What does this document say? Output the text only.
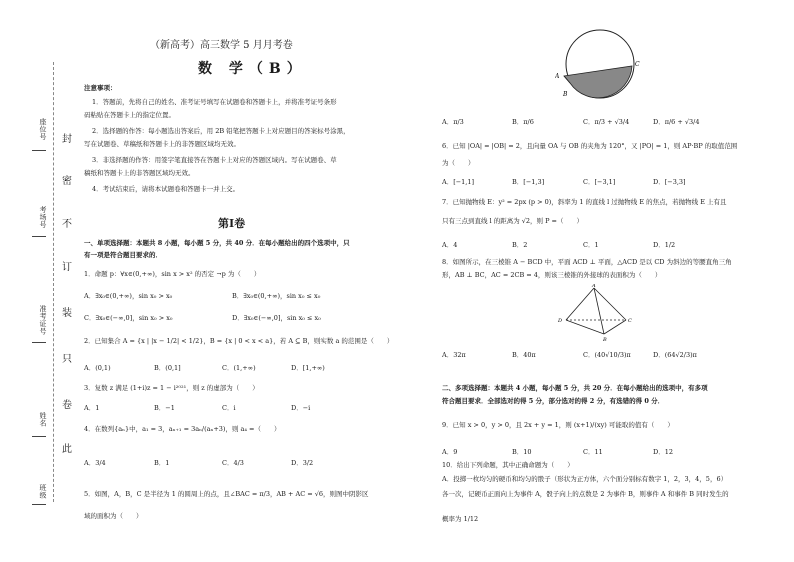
封
密
不
订
装
只
卷
此
座位号
考场号
准考证号
姓名
班级
（新高考）高三数学 5 月月考卷
数 学（B）
注意事项：
1．答题前，先将自己的姓名、准考证号填写在试题卷和答题卡上，并将准考证号条形
码粘贴在答题卡上的指定位置。
2．选择题的作答：每小题选出答案后，用 2B 铅笔把答题卡上对应题目的答案标号涂黑，
写在试题卷、草稿纸和答题卡上的非答题区域均无效。
3．非选择题的作答：用签字笔直接答在答题卡上对应的答题区域内。写在试题卷、草
稿纸和答题卡上的非答题区域均无效。
4．考试结束后，请将本试题卷和答题卡一并上交。
第Ⅰ卷
一、单项选择题：本题共 8 小题，每小题 5 分，共 40 分．在每小题给出的四个选项中，只
有一项是符合题目要求的．
1．命题 p：∀x∈(0,+∞)，sin x > x² 的否定 ¬p 为（　　）
A．∃x₀∈(0,+∞)，sin x₀ > x₀	B．∃x₀∈(0,+∞)，sin x₀ ≤ x₀
C．∃x₀∈(−∞,0]，sin x₀ > x₀	D．∃x₀∈(−∞,0]，sin x₀ ≤ x₀
2．已知集合 A = {x | |x − 1/2| < 1/2}，B = {x | 0 < x < a}，若 A ⊆ B，则实数 a 的范围是（　　）
A．(0,1)	B．(0,1]	C．(1,+∞)	D．[1,+∞)
3．复数 z 满足 (1+i)z = 1 − i²⁰²¹，则 z 的虚部为（　　）
A．1	B．−1	C．i	D．−i
4．在数列{aₙ}中，a₁ = 3，aₙ₊₁ = 3aₙ/(aₙ+3)，则 a₄ =（　　）
A．3/4	B．1	C．4/3	D．3/2
5．如图，A，B，C 是半径为 1 的圆周上的点，且∠BAC = π/3，AB + AC = √6，则图中阴影区
域的面积为（　　）
A
B
C
A．π/3	B．π/6	C．π/3 + √3/4	D．π/6 + √3/4
6．已知 |OA| = |OB| = 2，且向量 OA 与 OB 的夹角为 120°，又 |PO| = 1，则 AP·BP 的取值范围
为（　　）
A．[−1,1]	B．[−1,3]	C．[−3,1]	D．[−3,3]
7．已知抛物线 E：y² = 2px (p > 0)，斜率为 1 的直线 l 过抛物线 E 的焦点，若抛物线 E 上有且
只有三点到直线 l 的距离为 √2，则 P =（　　）
A．4	B．2	C．1	D．1/2
8．如图所示，在三棱锥 A − BCD 中，平面 ACD ⊥ 平面，△ACD 是以 CD 为斜边的等腰直角三角
形，AB ⊥ BC，AC = 2CB = 4，则该三棱锥的外接球的表面积为（　　）
A
B
C
D
A．32π	B．40π	C．(40√10/3)π	D．(64√2/3)π
二、多项选择题：本题共 4 小题，每小题 5 分，共 20 分．在每小题给出的选项中，有多项
符合题目要求．全部选对的得 5 分，部分选对的得 2 分，有选错的得 0 分．
9．已知 x > 0，y > 0，且 2x + y = 1，则 (x+1)/(xy) 可能取的值有（　　）
A．9	B．10	C．11	D．12
10．给出下列命题，其中正确命题为（　　）
A．投掷一枚均匀的硬币和均匀的骰子（形状为正方体，六个面分别标有数字 1，2，3，4，5，6）
各一次，记硬币正面向上为事件 A，骰子向上的点数是 2 为事件 B，则事件 A 和事件 B 同时发生的
概率为 1/12
